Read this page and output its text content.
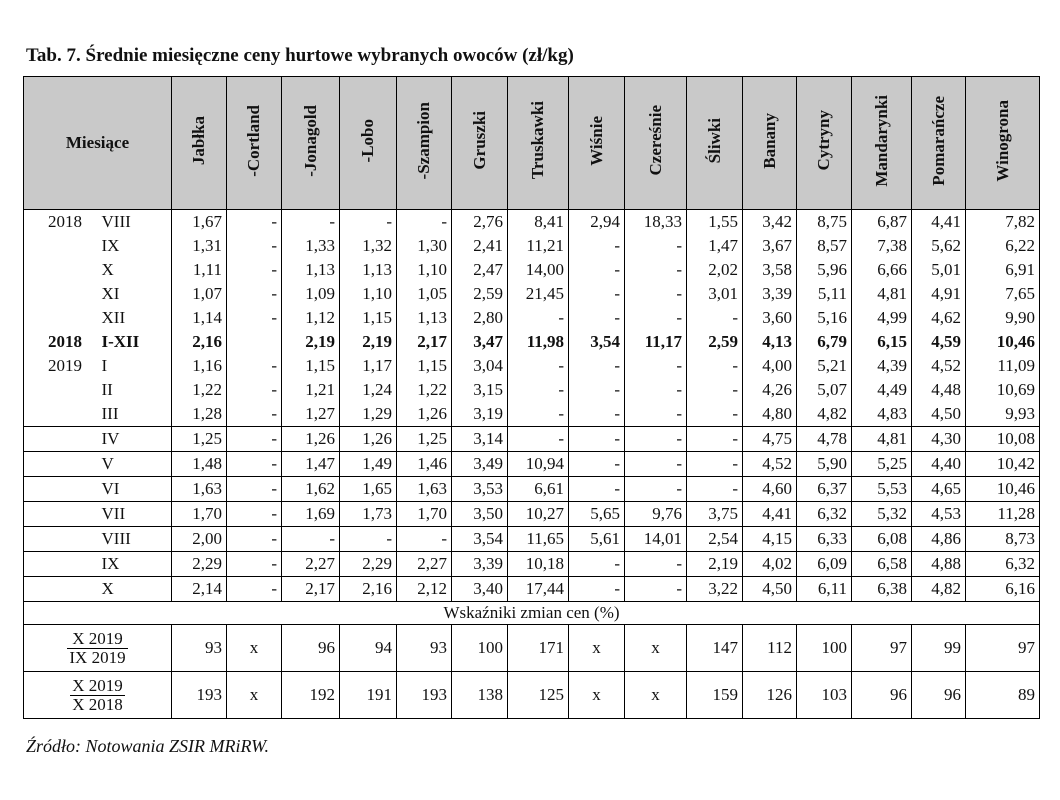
Tab. 7. Średnie miesięczne ceny hurtowe wybranych owoców (zł/kg)
Miesiące		Jabłka	-Cortland	-Jonagold	-Lobo	-Szampion	Gruszki	Truskawki	Wiśnie	Czereśnie	Śliwki	Banany	Cytryny	Mandarynki	Pomarańcze	Winogrona
2018	VIII	1,67	-	-	-	-	2,76	8,41	2,94	18,33	1,55	3,42	8,75	6,87	4,41	7,82
	IX	1,31	-	1,33	1,32	1,30	2,41	11,21	-	-	1,47	3,67	8,57	7,38	5,62	6,22
	X	1,11	-	1,13	1,13	1,10	2,47	14,00	-	-	2,02	3,58	5,96	6,66	5,01	6,91
	XI	1,07	-	1,09	1,10	1,05	2,59	21,45	-	-	3,01	3,39	5,11	4,81	4,91	7,65
	XII	1,14	-	1,12	1,15	1,13	2,80	-	-	-	-	3,60	5,16	4,99	4,62	9,90
2018	I-XII	2,16		2,19	2,19	2,17	3,47	11,98	3,54	11,17	2,59	4,13	6,79	6,15	4,59	10,46
2019	I	1,16	-	1,15	1,17	1,15	3,04	-	-	-	-	4,00	5,21	4,39	4,52	11,09
	II	1,22	-	1,21	1,24	1,22	3,15	-	-	-	-	4,26	5,07	4,49	4,48	10,69
	III	1,28	-	1,27	1,29	1,26	3,19	-	-	-	-	4,80	4,82	4,83	4,50	9,93
	IV	1,25	-	1,26	1,26	1,25	3,14	-	-	-	-	4,75	4,78	4,81	4,30	10,08
	V	1,48	-	1,47	1,49	1,46	3,49	10,94	-	-	-	4,52	5,90	5,25	4,40	10,42
	VI	1,63	-	1,62	1,65	1,63	3,53	6,61	-	-	-	4,60	6,37	5,53	4,65	10,46
	VII	1,70	-	1,69	1,73	1,70	3,50	10,27	5,65	9,76	3,75	4,41	6,32	5,32	4,53	11,28
	VIII	2,00	-	-	-	-	3,54	11,65	5,61	14,01	2,54	4,15	6,33	6,08	4,86	8,73
	IX	2,29	-	2,27	2,29	2,27	3,39	10,18	-	-	2,19	4,02	6,09	6,58	4,88	6,32
	X	2,14	-	2,17	2,16	2,12	3,40	17,44	-	-	3,22	4,50	6,11	6,38	4,82	6,16
Wskaźniki zmian cen (%)																

$\frac{X 2019}{IX 2019}$		93	x	96	94	93	100	171	x	x	147	112	100	97	99	97

$\frac{X 2019}{X 2018}$		193	x	192	191	193	138	125	x	x	159	126	103	96	96	89
Źródło: Notowania ZSIR MRiRW.
